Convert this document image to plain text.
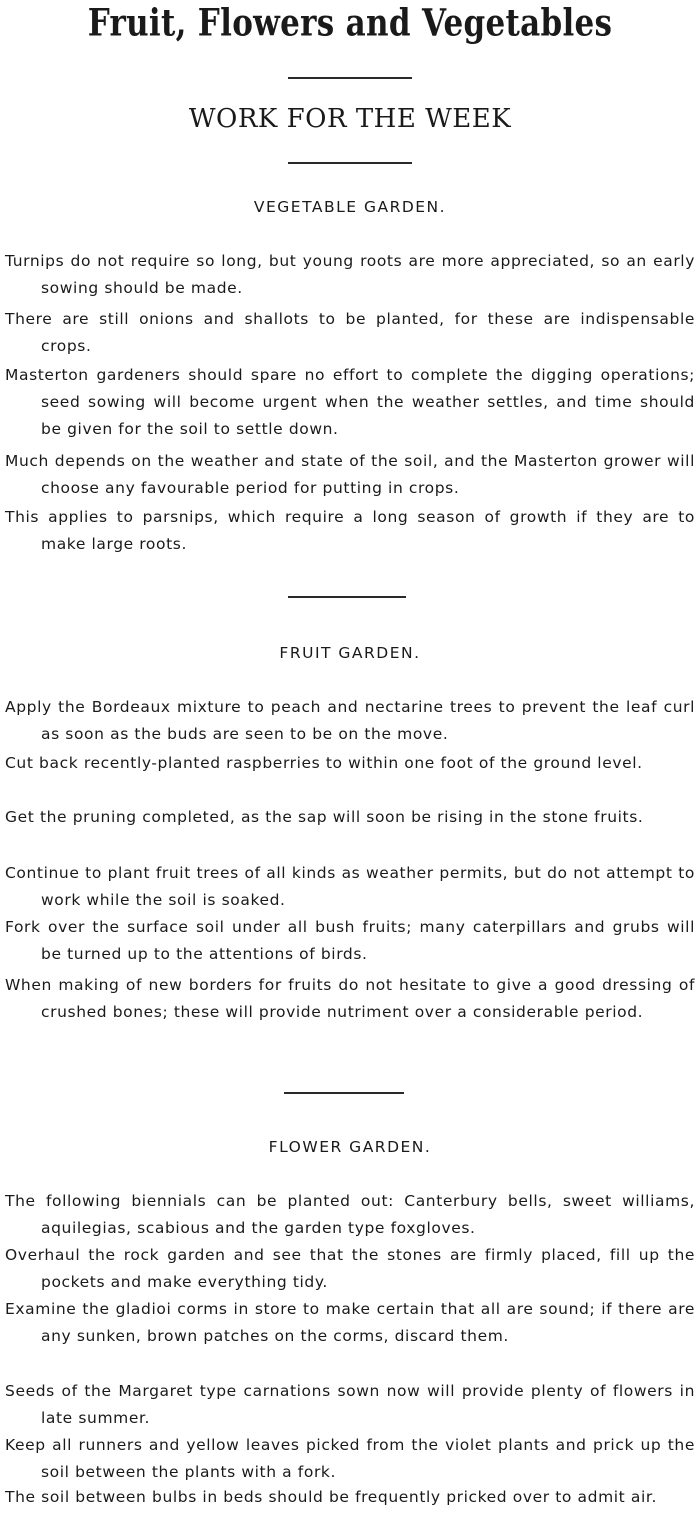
Fruit, Flowers and Vegetables
WORK FOR THE WEEK
VEGETABLE GARDEN.

Turnips do not require so long, but young roots are more appreciated, so an early sowing should be made.

There are still onions and shallots to be planted, for these are indispensable crops.

Masterton gardeners should spare no effort to complete the digging operations; seed sowing will become urgent when the weather settles, and time should be given for the soil to settle down.

Much depends on the weather and state of the soil, and the Masterton grower will choose any favourable period for putting in crops.

This applies to parsnips, which require a long season of growth if they are to make large roots.

FRUIT GARDEN.

Apply the Bordeaux mixture to peach and nectarine trees to prevent the leaf curl as soon as the buds are seen to be on the move.

Cut back recently-planted raspberries to within one foot of the ground level.

Get the pruning completed, as the sap will soon be rising in the stone fruits.

Continue to plant fruit trees of all kinds as weather permits, but do not attempt to work while the soil is soaked.

Fork over the surface soil under all bush fruits; many caterpillars and grubs will be turned up to the attentions of birds.

When making of new borders for fruits do not hesitate to give a good dressing of crushed bones; these will provide nutriment over a considerable period.

FLOWER GARDEN.

The following biennials can be planted out: Canterbury bells, sweet williams, aquilegias, scabious and the garden type foxgloves.

Overhaul the rock garden and see that the stones are firmly placed, fill up the pockets and make everything tidy.

Examine the gladioi corms in store to make certain that all are sound; if there are any sunken, brown patches on the corms, discard them.

Seeds of the Margaret type carnations sown now will provide plenty of flowers in late summer.

Keep all runners and yellow leaves picked from the violet plants and prick up the soil between the plants with a fork.

The soil between bulbs in beds should be frequently pricked over to admit air.
